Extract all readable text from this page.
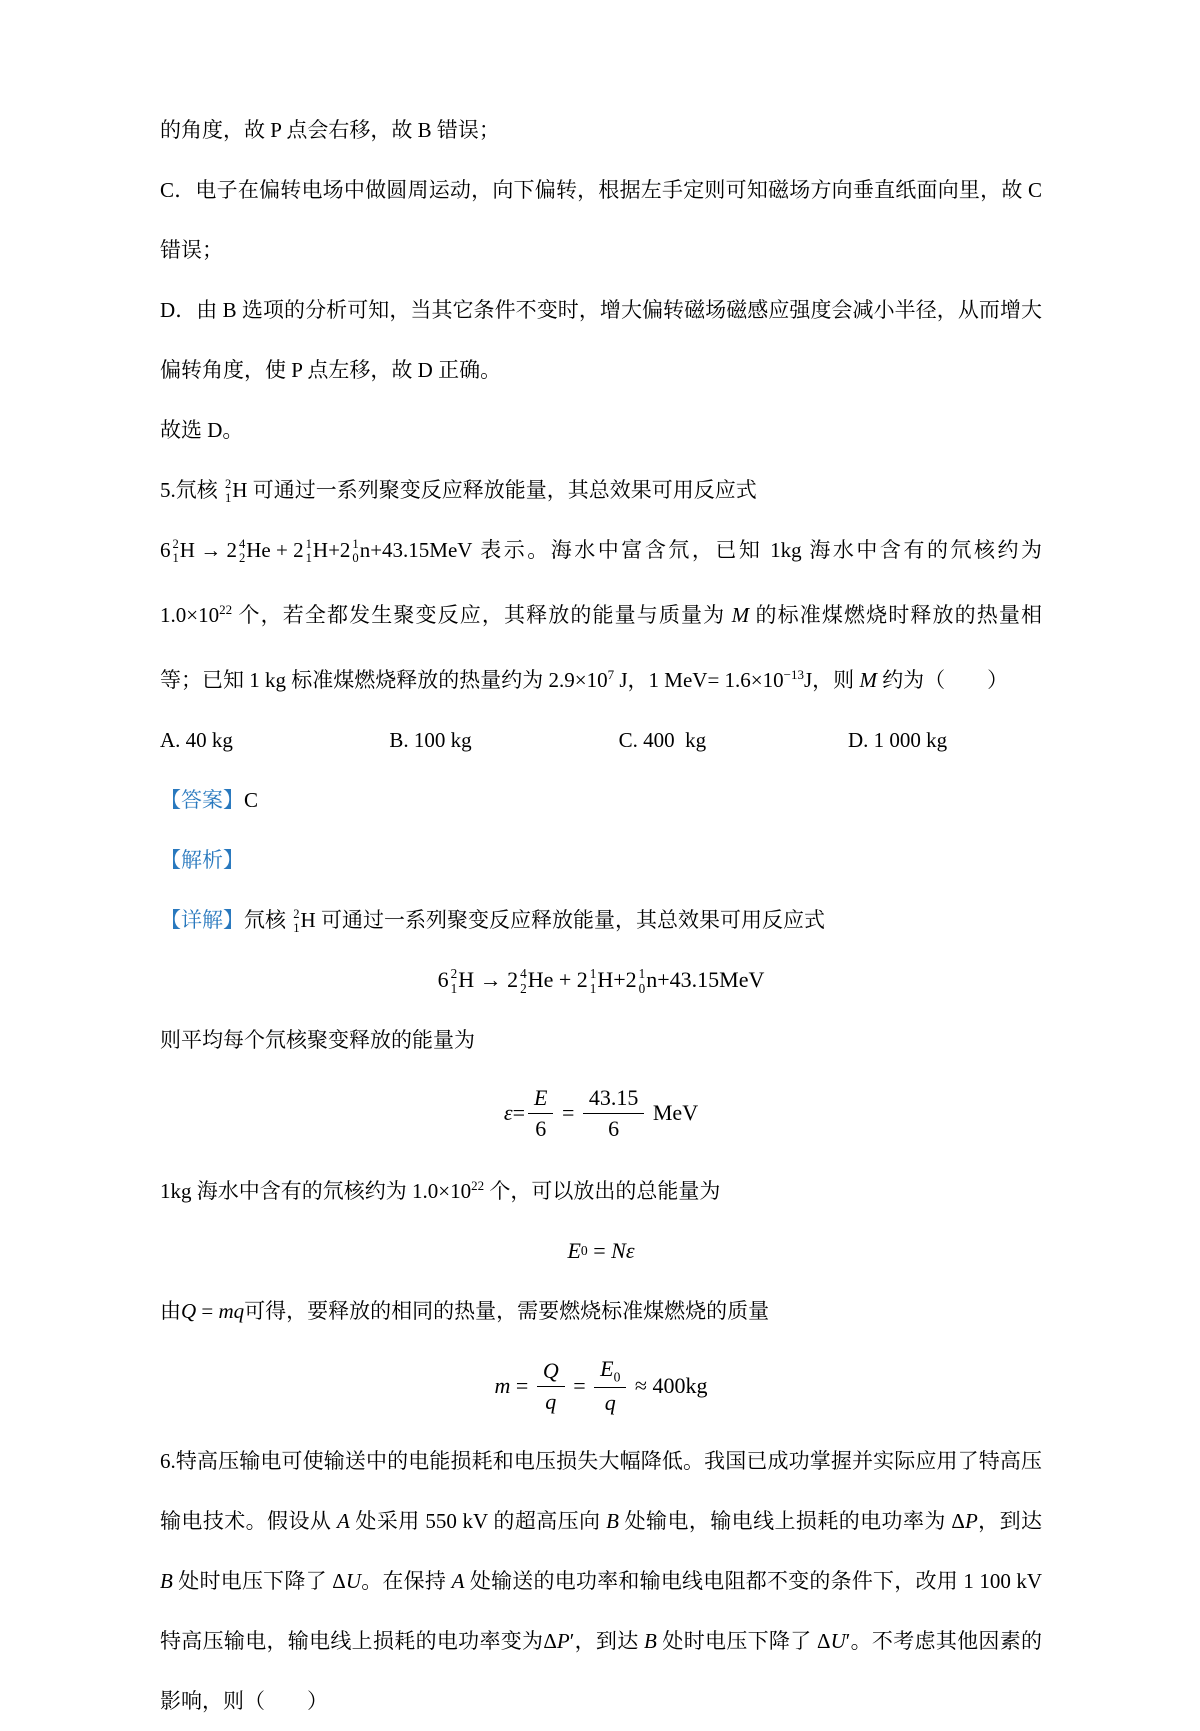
的角度，故 P 点会右移，故 B 错误；

C．电子在偏转电场中做圆周运动，向下偏转，根据左手定则可知磁场方向垂直纸面向里，故 C 错误；

D．由 B 选项的分析可知，当其它条件不变时，增大偏转磁场磁感应强度会减小半径，从而增大偏转角度，使 P 点左移，故 D 正确。

故选 D。

5.氘核 2
1 H 可通过一系列聚变反应释放能量，其总效果可用反应式

6 2
1 H → 2 4
2 He + 2 1
1 H +2 1
0 n +43.15MeV 表示。海水中富含氘，已知 1kg 海水中含有的氘核约为 $1.0\times 10^{22}$ 个，若全都发生聚变反应，其释放的能量与质量为 M 的标准煤燃烧时释放的热量相等；已知 1 kg 标准煤燃烧释放的热量约为 $2.9\times 10^7$ J，1 $MeV= 1.6\times 10^{-13}J$，则 M 约为（　　）

A. 40 kg	B. 100 kg	C. 400  kg	D. 1 000 kg

【答案】C

【解析】

【详解】氘核 2
1 H 可通过一系列聚变反应释放能量，其总效果可用反应式

6 2
1 H → 2 4
2 He + 2 1
1 H +2 1
0 n +43.15MeV

则平均每个氘核聚变释放的能量为

$\varepsilon = \frac{E}{6} = \frac{43.15}{6}$ MeV

1kg 海水中含有的氘核约为 $1.0\times 10^{22}$ 个，可以放出的总能量为

E 0 = N ε

由Q = mq可得，要释放的相同的热量，需要燃烧标准煤燃烧的质量

$m = \frac{Q}{q} = \frac{E_0}{q} \approx 400kg$

6.特高压输电可使输送中的电能损耗和电压损失大幅降低。我国已成功掌握并实际应用了特高压输电技术。假设从 A 处采用 550 kV 的超高压向 B 处输电，输电线上损耗的电功率为 ΔP，到达 B 处时电压下降了 ΔU。在保持 A 处输送的电功率和输电线电阻都不变的条件下，改用 1 100 kV 特高压输电，输电线上损耗的电功率变为ΔP′，到达 B 处时电压下降了 ΔU′。不考虑其他因素的影响，则（　　）
